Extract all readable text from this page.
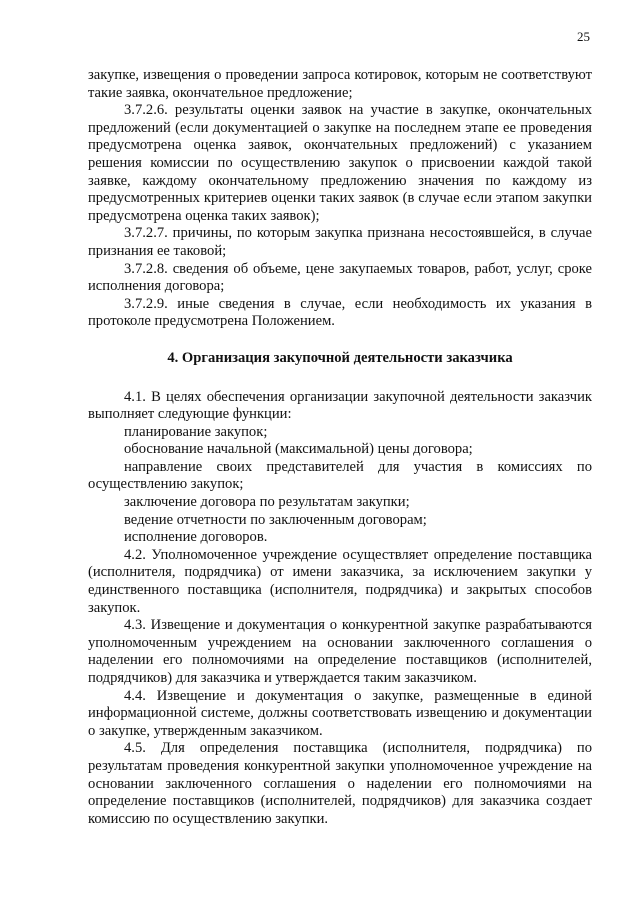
25

закупке, извещения о проведении запроса котировок, которым не соответствуют такие заявка, окончательное предложение;

3.7.2.6. результаты оценки заявок на участие в закупке, окончательных предложений (если документацией о закупке на последнем этапе ее проведения предусмотрена оценка заявок, окончательных предложений) с указанием решения комиссии по осуществлению закупок о присвоении каждой такой заявке, каждому окончательному предложению значения по каждому из предусмотренных критериев оценки таких заявок (в случае если этапом закупки предусмотрена оценка таких заявок);

3.7.2.7. причины, по которым закупка признана несостоявшейся, в случае признания ее таковой;

3.7.2.8. сведения об объеме, цене закупаемых товаров, работ, услуг, сроке исполнения договора;

3.7.2.9. иные сведения в случае, если необходимость их указания в протоколе предусмотрена Положением.

4. Организация закупочной деятельности заказчика

4.1. В целях обеспечения организации закупочной деятельности заказчик выполняет следующие функции:

планирование закупок;

обоснование начальной (максимальной) цены договора;

направление своих представителей для участия в комиссиях по осуществлению закупок;

заключение договора по результатам закупки;

ведение отчетности по заключенным договорам;

исполнение договоров.

4.2. Уполномоченное учреждение осуществляет определение поставщика (исполнителя, подрядчика) от имени заказчика, за исключением закупки у единственного поставщика (исполнителя, подрядчика) и закрытых способов закупок.

4.3. Извещение и документация о конкурентной закупке разрабатываются уполномоченным учреждением на основании заключенного соглашения о наделении его полномочиями на определение поставщиков (исполнителей, подрядчиков) для заказчика и утверждается таким заказчиком.

4.4. Извещение и документация о закупке, размещенные в единой информационной системе, должны соответствовать извещению и документации о закупке, утвержденным заказчиком.

4.5. Для определения поставщика (исполнителя, подрядчика) по результатам проведения конкурентной закупки уполномоченное учреждение на основании заключенного соглашения о наделении его полномочиями на определение поставщиков (исполнителей, подрядчиков) для заказчика создает комиссию по осуществлению закупки.
